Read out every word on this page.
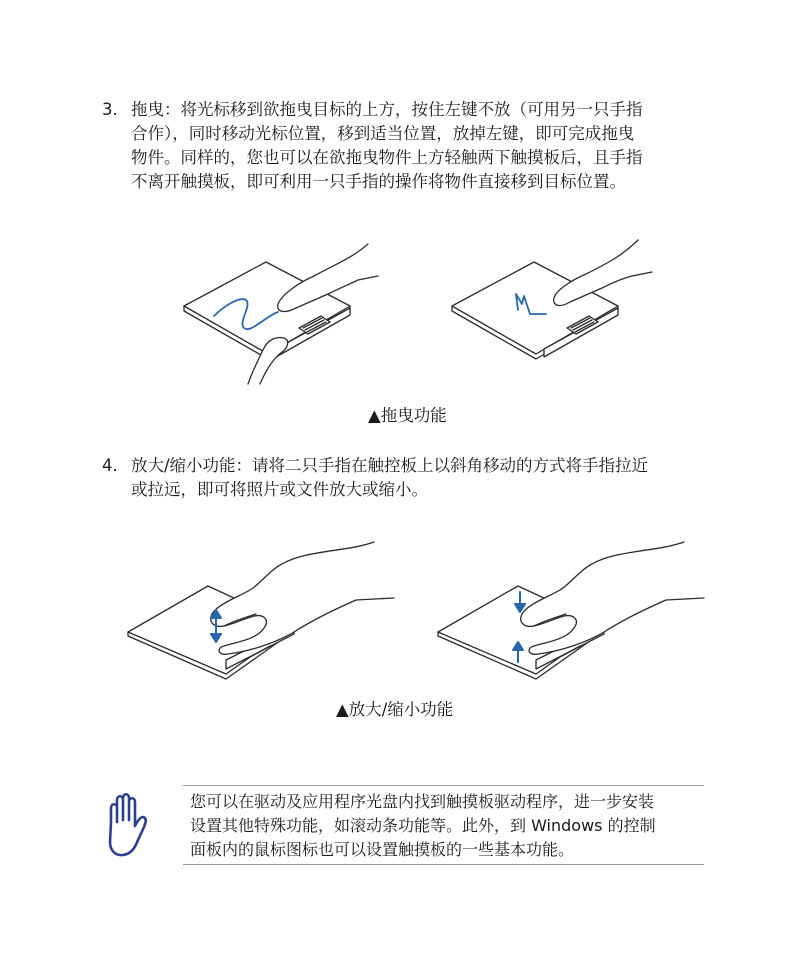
3. 拖曳：将光标移到欲拖曳目标的上方，按住左键不放（可用另一只手指
合作），同时移动光标位置，移到适当位置，放掉左键，即可完成拖曳
物件。同样的，您也可以在欲拖曳物件上方轻触两下触摸板后，且手指
不离开触摸板，即可利用一只手指的操作将物件直接移到目标位置。
▲拖曳功能
4. 放大/缩小功能：请将二只手指在触控板上以斜角移动的方式将手指拉近
或拉远，即可将照片或文件放大或缩小。
▲放大/缩小功能
您可以在驱动及应用程序光盘内找到触摸板驱动程序，进一步安装
设置其他特殊功能，如滚动条功能等。此外，到 Windows 的控制
面板内的鼠标图标也可以设置触摸板的一些基本功能。
